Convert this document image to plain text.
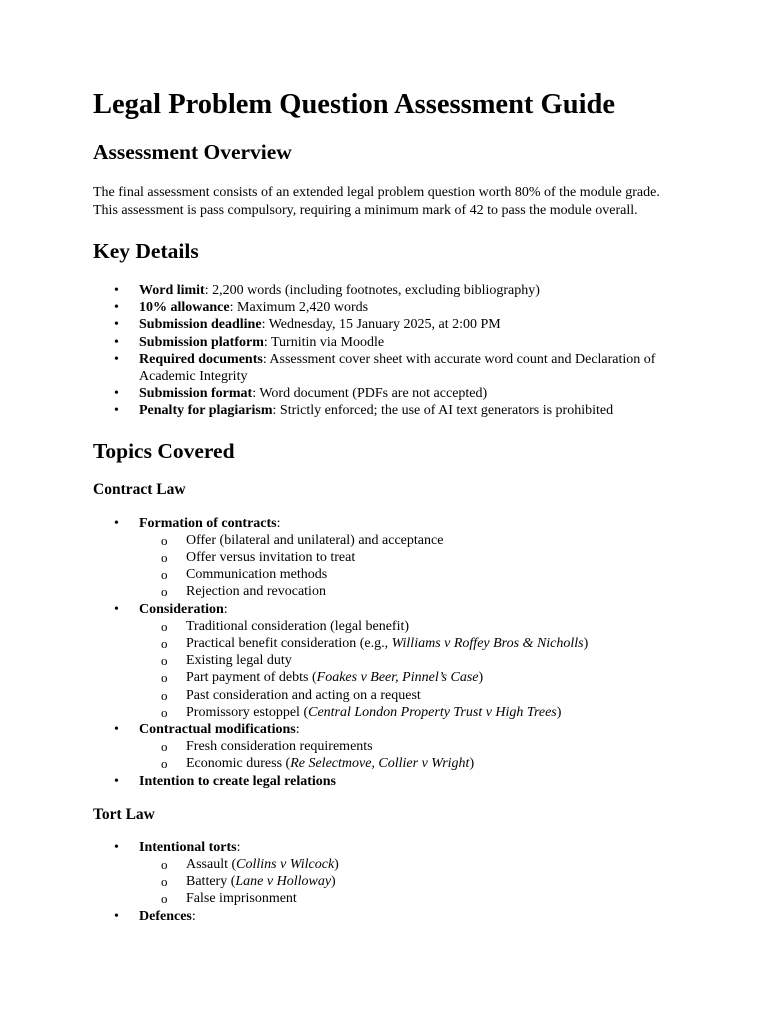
Legal Problem Question Assessment Guide
Assessment Overview

The final assessment consists of an extended legal problem question worth 80% of the module grade. This assessment is pass compulsory, requiring a minimum mark of 42 to pass the module overall.

Key Details
• Word limit: 2,200 words (including footnotes, excluding bibliography)
• 10% allowance: Maximum 2,420 words
• Submission deadline: Wednesday, 15 January 2025, at 2:00 PM
• Submission platform: Turnitin via Moodle
• Required documents: Assessment cover sheet with accurate word count and Declaration of Academic Integrity
• Submission format: Word document (PDFs are not accepted)
• Penalty for plagiarism: Strictly enforced; the use of AI text generators is prohibited
Topics Covered
Contract Law
• Formation of contracts:
o Offer (bilateral and unilateral) and acceptance
o Offer versus invitation to treat
o Communication methods
o Rejection and revocation
• Consideration:
o Traditional consideration (legal benefit)
o Practical benefit consideration (e.g., Williams v Roffey Bros & Nicholls)
o Existing legal duty
o Part payment of debts (Foakes v Beer, Pinnel’s Case)
o Past consideration and acting on a request
o Promissory estoppel (Central London Property Trust v High Trees)
• Contractual modifications:
o Fresh consideration requirements
o Economic duress (Re Selectmove, Collier v Wright)
• Intention to create legal relations
Tort Law
• Intentional torts:
o Assault (Collins v Wilcock)
o Battery (Lane v Holloway)
o False imprisonment
• Defences:
